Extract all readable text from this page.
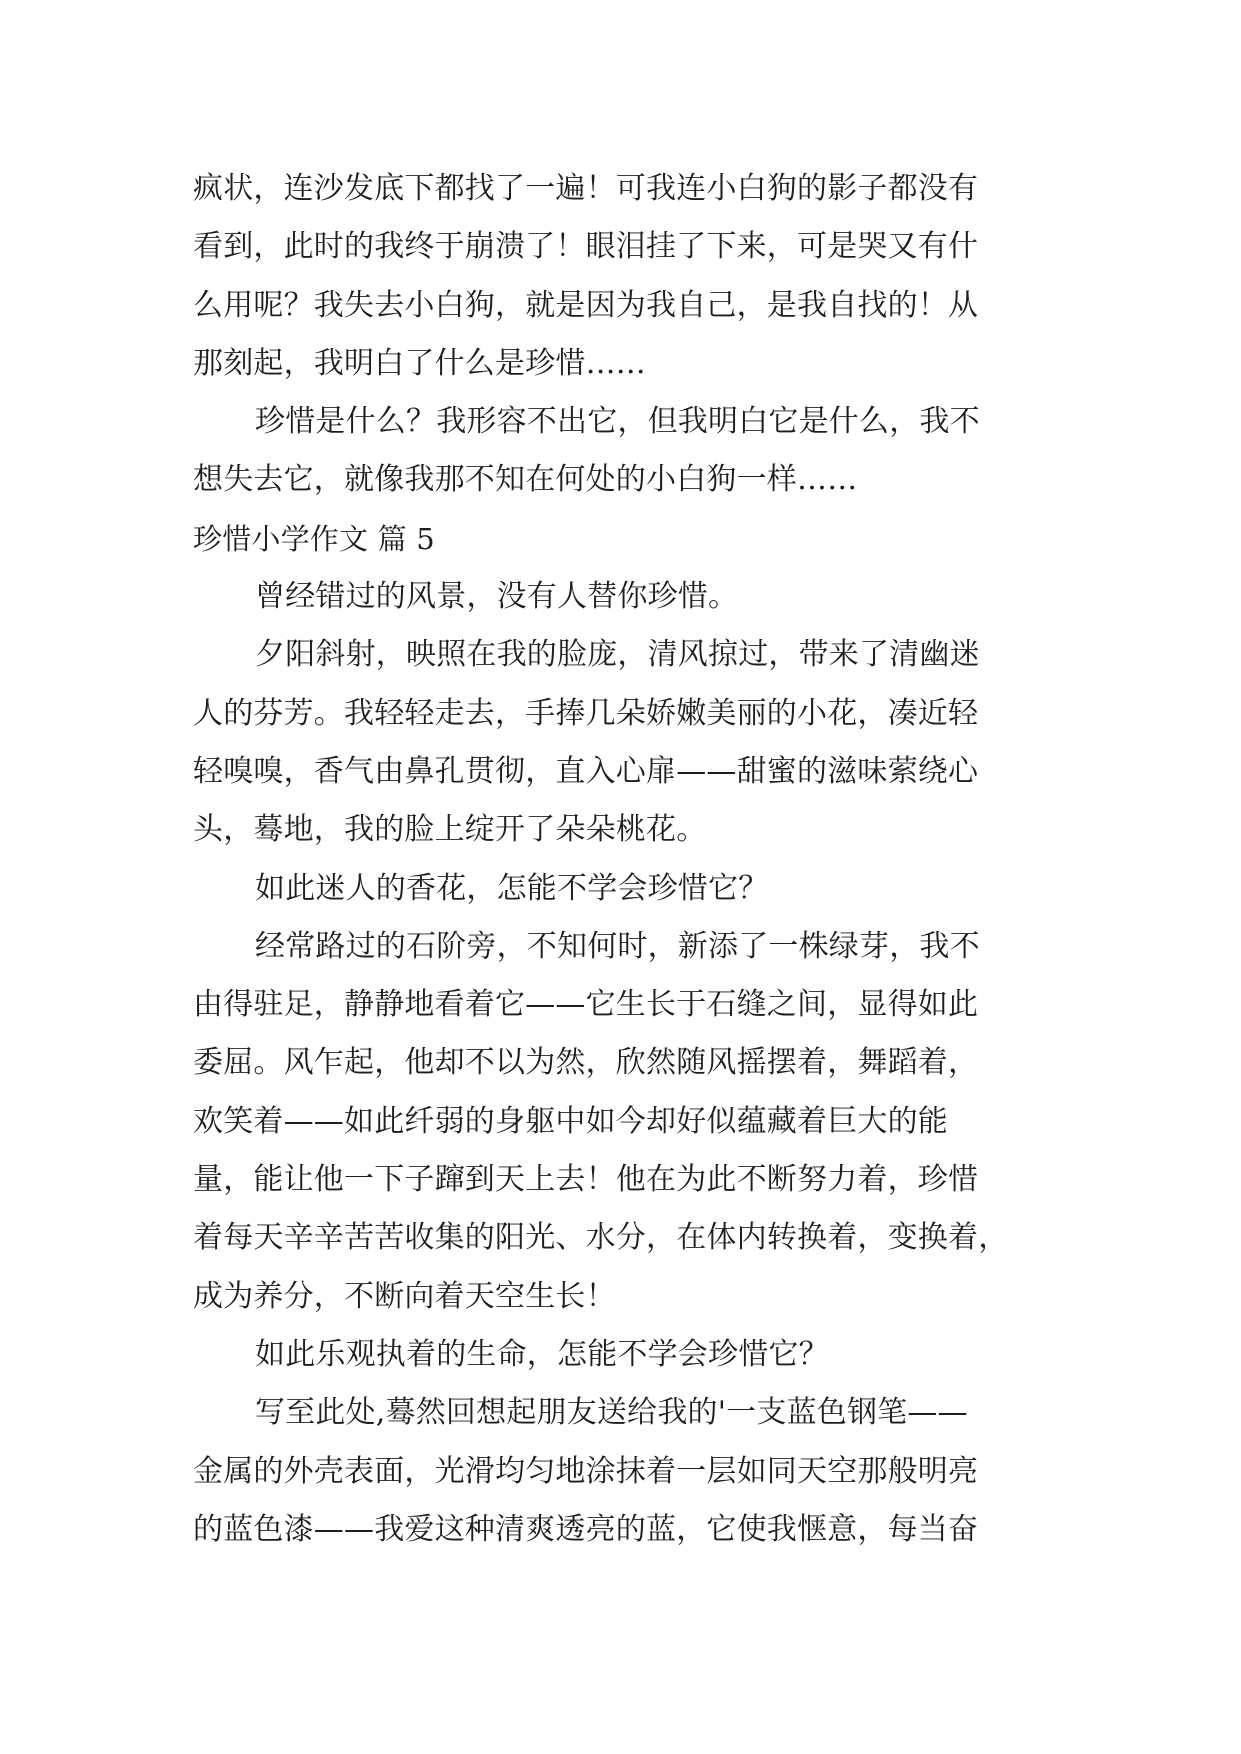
疯状，连沙发底下都找了一遍！可我连小白狗的影子都没有
看到，此时的我终于崩溃了！眼泪挂了下来，可是哭又有什
么用呢？我失去小白狗，就是因为我自己，是我自找的！从
那刻起，我明白了什么是珍惜……
珍惜是什么？我形容不出它，但我明白它是什么，我不
想失去它，就像我那不知在何处的小白狗一样……
珍惜小学作文 篇 5
曾经错过的风景，没有人替你珍惜。
夕阳斜射，映照在我的脸庞，清风掠过，带来了清幽迷
人的芬芳。我轻轻走去，手捧几朵娇嫩美丽的小花，凑近轻
轻嗅嗅，香气由鼻孔贯彻，直入心扉——甜蜜的滋味萦绕心
头，蓦地，我的脸上绽开了朵朵桃花。
如此迷人的香花，怎能不学会珍惜它？
经常路过的石阶旁，不知何时，新添了一株绿芽，我不
由得驻足，静静地看着它——它生长于石缝之间，显得如此
委屈。风乍起，他却不以为然，欣然随风摇摆着，舞蹈着，
欢笑着——如此纤弱的身躯中如今却好似蕴藏着巨大的能
量，能让他一下子蹿到天上去！他在为此不断努力着，珍惜
着每天辛辛苦苦收集的阳光、水分，在体内转换着，变换着，
成为养分，不断向着天空生长！
如此乐观执着的生命，怎能不学会珍惜它？
写至此处,蓦然回想起朋友送给我的'一支蓝色钢笔——
金属的外壳表面，光滑均匀地涂抹着一层如同天空那般明亮
的蓝色漆——我爱这种清爽透亮的蓝，它使我惬意，每当奋
